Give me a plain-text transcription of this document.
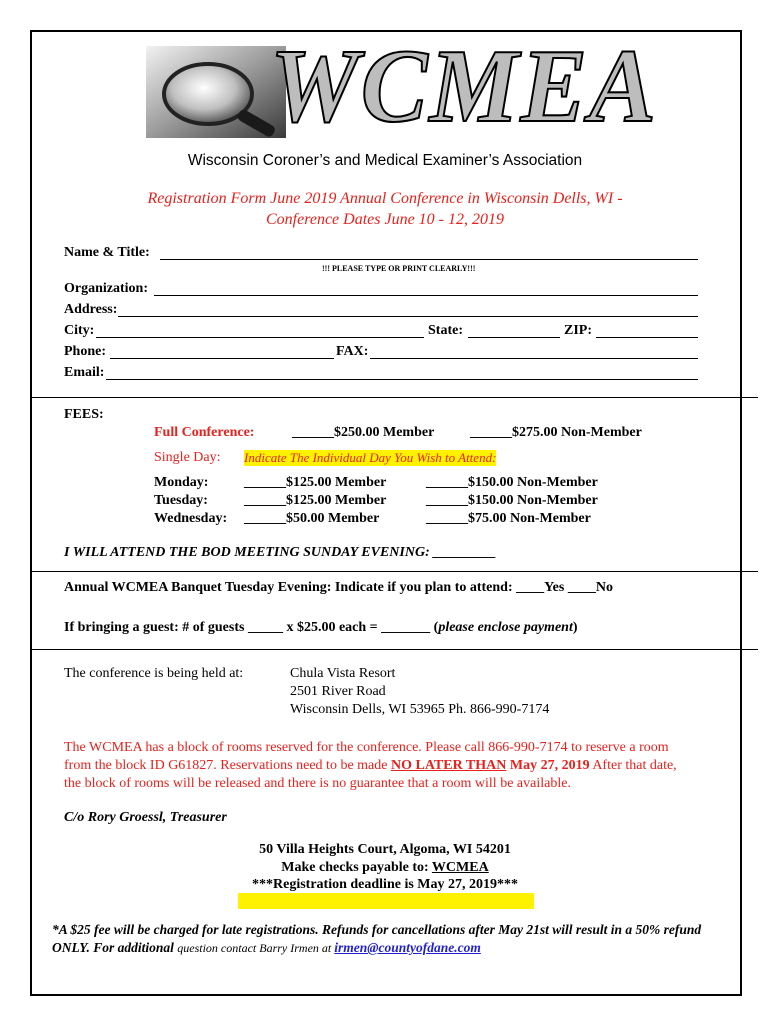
WCMEA
Wisconsin Coroner’s and Medical Examiner’s Association
Registration Form June 2019 Annual Conference in Wisconsin Dells, WI -
Conference Dates June 10 - 12, 2019
Name & Title:
!!! PLEASE TYPE OR PRINT CLEARLY!!!
Organization:
Address:
City:	State:	ZIP:
Phone:	FAX:
Email:
FEES:
Full Conference:	______$250.00 Member	______$275.00 Non-Member
Single Day: Indicate The Individual Day You Wish to Attend:
Monday:	______$125.00 Member	______$150.00 Non-Member
Tuesday:	______$125.00 Member	______$150.00 Non-Member
Wednesday: ______$50.00 Member	______$75.00 Non-Member
I WILL ATTEND THE BOD MEETING SUNDAY EVENING: _________
Annual WCMEA Banquet Tuesday Evening: Indicate if you plan to attend: ____Yes ____No
If bringing a guest: # of guests _____ x $25.00 each = _______ (please enclose payment)
The conference is being held at:	Chula Vista Resort
2501 River Road
Wisconsin Dells, WI 53965 Ph. 866-990-7174
The WCMEA has a block of rooms reserved for the conference. Please call 866-990-7174 to reserve a room
from the block ID G61827. Reservations need to be made NO LATER THAN May 27, 2019 After that date,
the block of rooms will be released and there is no guarantee that a room will be available.
C/o Rory Groessl, Treasurer
50 Villa Heights Court, Algoma, WI 54201
Make checks payable to: WCMEA
***Registration deadline is May 27, 2019***
*A $25 fee will be charged for late registrations. Refunds for cancellations after May 21st will result in a 50% refund
ONLY. For additional question contact Barry Irmen at irmen@countyofdane.com
